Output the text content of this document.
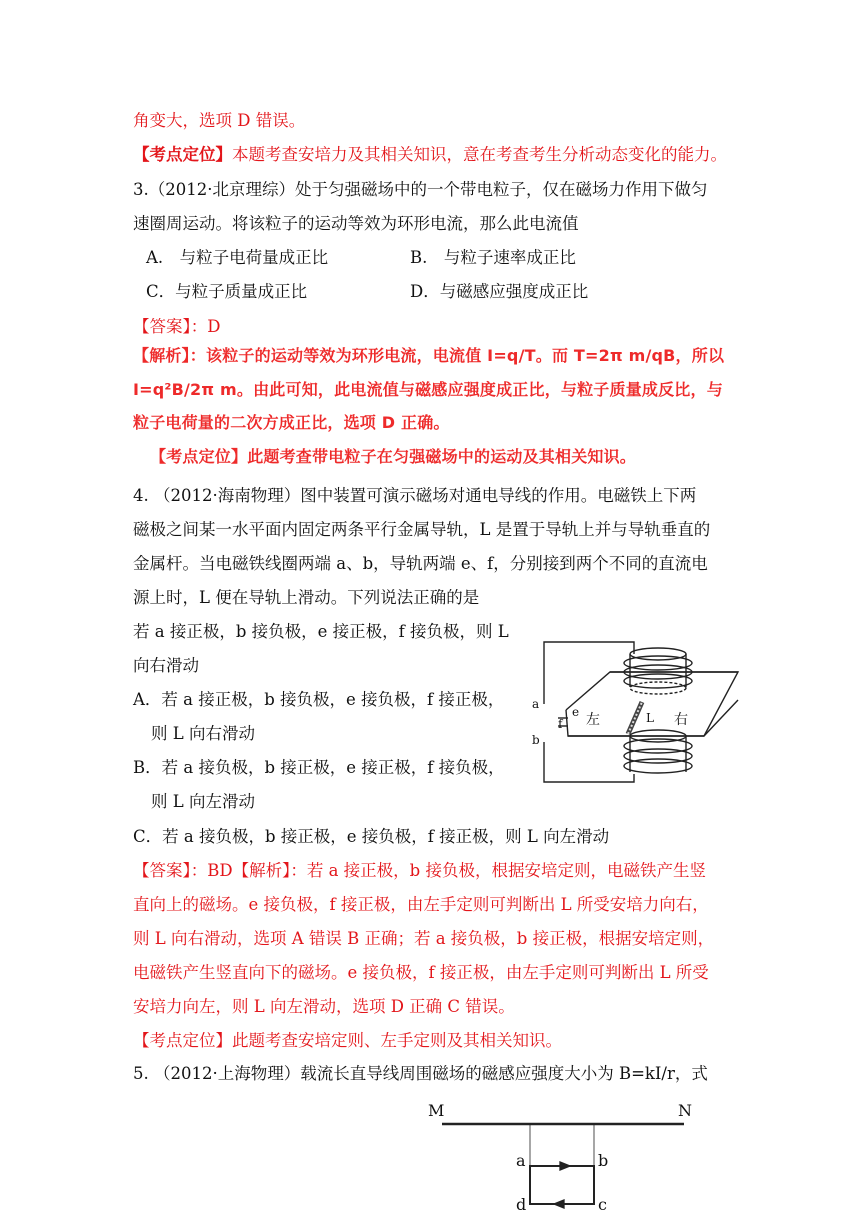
角变大，选项 D 错误。
【考点定位】本题考查安培力及其相关知识，意在考查考生分析动态变化的能力。
3.（2012·北京理综）处于匀强磁场中的一个带电粒子，仅在磁场力作用下做匀
速圈周运动。将该粒子的运动等效为环形电流，那么此电流值
A.　与粒子电荷量成正比	B.　与粒子速率成正比
C．与粒子质量成正比	D．与磁感应强度成正比
【答案】：D
【解析】：该粒子的运动等效为环形电流，电流值 I=q/T。而 T=2π m/qB，所以
I=q²B/2π m。由此可知，此电流值与磁感应强度成正比，与粒子质量成反比，与
粒子电荷量的二次方成正比，选项 D 正确。
【考点定位】此题考查带电粒子在匀强磁场中的运动及其相关知识。
4. （2012·海南物理）图中装置可演示磁场对通电导线的作用。电磁铁上下两
磁极之间某一水平面内固定两条平行金属导轨，L 是置于导轨上并与导轨垂直的
金属杆。当电磁铁线圈两端 a、b，导轨两端 e、f，分别接到两个不同的直流电
源上时，L 便在导轨上滑动。下列说法正确的是
若 a 接正极，b 接负极，e 接正极，f 接负极，则 L
向右滑动
A．若 a 接正极，b 接负极，e 接负极，f 接正极，
则 L 向右滑动
B．若 a 接负极，b 接正极，e 接正极，f 接负极，
则 L 向左滑动
C．若 a 接负极，b 接正极，e 接负极，f 接正极，则 L 向左滑动
【答案】：BD【解析】：若 a 接正极，b 接负极，根据安培定则，电磁铁产生竖
直向上的磁场。e 接负极，f 接正极，由左手定则可判断出 L 所受安培力向右，
则 L 向右滑动，选项 A 错误 B 正确；若 a 接负极，b 接正极，根据安培定则，
电磁铁产生竖直向下的磁场。e 接负极，f 接正极，由左手定则可判断出 L 所受
安培力向左，则 L 向左滑动，选项 D 正确 C 错误。
【考点定位】此题考查安培定则、左手定则及其相关知识。
5. （2012·上海物理）载流长直导线周围磁场的磁感应强度大小为 B=kI/r，式
a
b
e
f 左	L 右
M	N
a	b
c
d
